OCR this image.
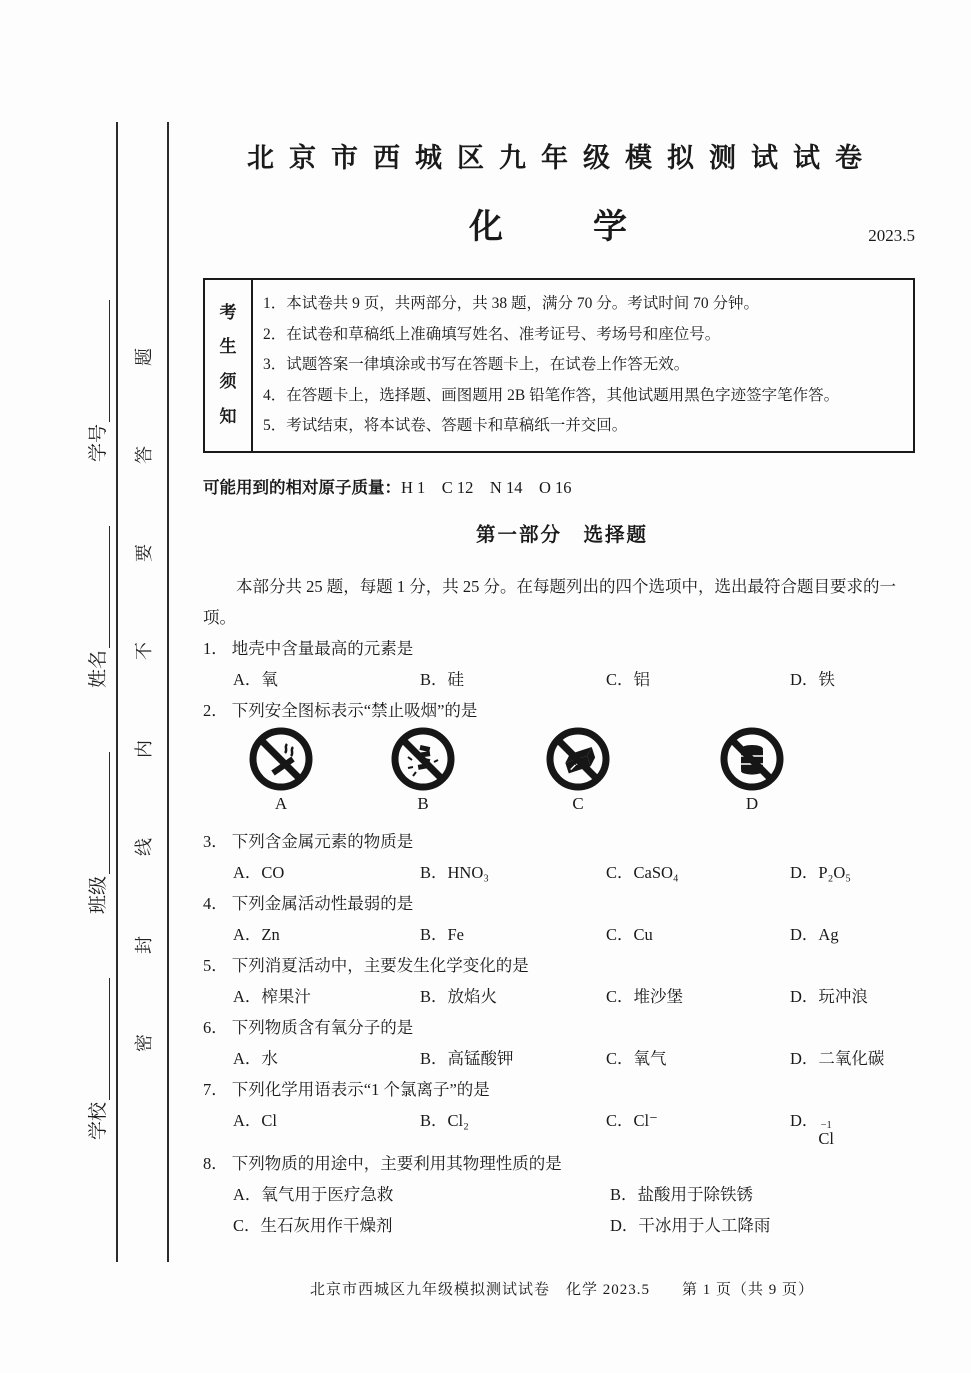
学校
班级
姓名
学号 密封线内不要答题
北京市西城区九年级模拟测试试卷
化　学	2023.5
考生须知
1．本试卷共 9 页，共两部分，共 38 题，满分 70 分。考试时间 70 分钟。
2．在试卷和草稿纸上准确填写姓名、准考证号、考场号和座位号。
3．试题答案一律填涂或书写在答题卡上，在试卷上作答无效。
4．在答题卡上，选择题、画图题用 2B 铅笔作答，其他试题用黑色字迹签字笔作答。
5．考试结束，将本试卷、答题卡和草稿纸一并交回。
可能用到的相对原子质量：H 1　C 12　N 14　O 16
第一部分　选择题
本部分共 25 题，每题 1 分，共 25 分。在每题列出的四个选项中，选出最符合题目要求的一项。
1． 地壳中含量最高的元素是
A．氧	B．硅	C．铝	D．铁
2． 下列安全图标表示“禁止吸烟”的是
A	B	C	D
3． 下列含金属元素的物质是
A．CO	B．HNO₃	C．CaSO₄	D．P₂O₅
4． 下列金属活动性最弱的是
A．Zn	B．Fe	C．Cu	D．Ag
5． 下列消夏活动中，主要发生化学变化的是
A．榨果汁	B．放焰火	C．堆沙堡	D．玩冲浪
6． 下列物质含有氧分子的是
A．水	B．高锰酸钾	C．氧气	D．二氧化碳
7． 下列化学用语表示“1 个氯离子”的是
A．Cl	B．Cl₂	C．Cl⁻	D． −1
Cl
8． 下列物质的用途中，主要利用其物理性质的是
A．氧气用于医疗急救	B．盐酸用于除铁锈
C．生石灰用作干燥剂	D．干冰用于人工降雨
北京市西城区九年级模拟测试试卷　化学 2023.5　　第 1 页（共 9 页）
